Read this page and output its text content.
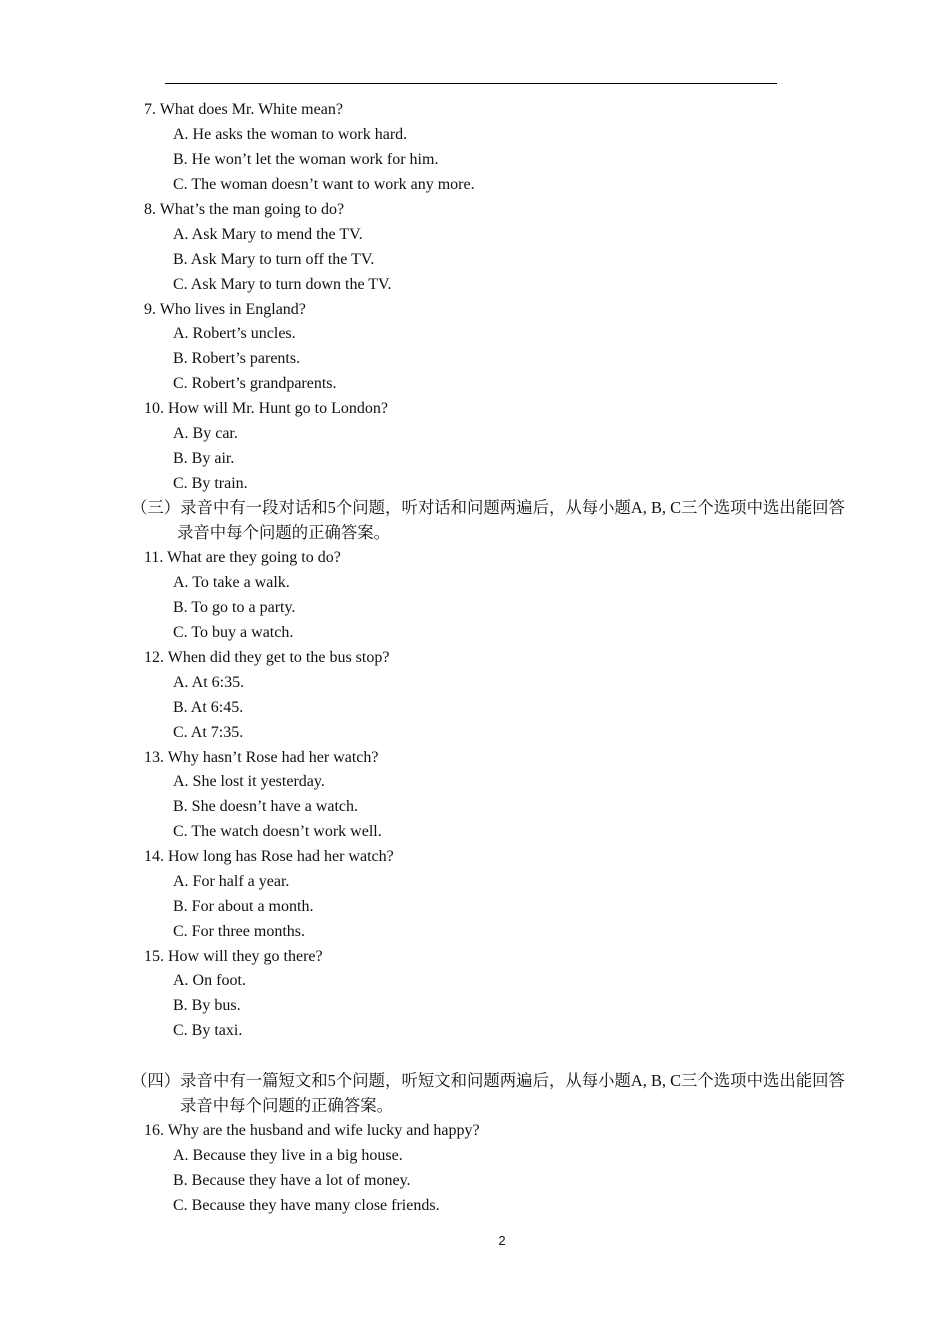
7. What does Mr. White mean?
A. He asks the woman to work hard.
B. He won’t let the woman work for him.
C. The woman doesn’t want to work any more.
8. What’s the man going to do?
A. Ask Mary to mend the TV.
B. Ask Mary to turn off the TV.
C. Ask Mary to turn down the TV.
9. Who lives in England?
A. Robert’s uncles.
B. Robert’s parents.
C. Robert’s grandparents.
10. How will Mr. Hunt go to London?
A. By car.
B. By air.
C. By train.
（三）录音中有一段对话和5个问题，听对话和问题两遍后，从每小题A, B, C三个选项中选出能回答
录音中每个问题的正确答案。
11. What are they going to do?
A. To take a walk.
B. To go to a party.
C. To buy a watch.
12. When did they get to the bus stop?
A. At 6:35.
B. At 6:45.
C. At 7:35.
13. Why hasn’t Rose had her watch?
A. She lost it yesterday.
B. She doesn’t have a watch.
C. The watch doesn’t work well.
14. How long has Rose had her watch?
A. For half a year.
B. For about a month.
C. For three months.
15. How will they go there?
A. On foot.
B. By bus.
C. By taxi.
（四）录音中有一篇短文和5个问题，听短文和问题两遍后，从每小题A, B, C三个选项中选出能回答
录音中每个问题的正确答案。
16. Why are the husband and wife lucky and happy?
A. Because they live in a big house.
B. Because they have a lot of money.
C. Because they have many close friends.
2
